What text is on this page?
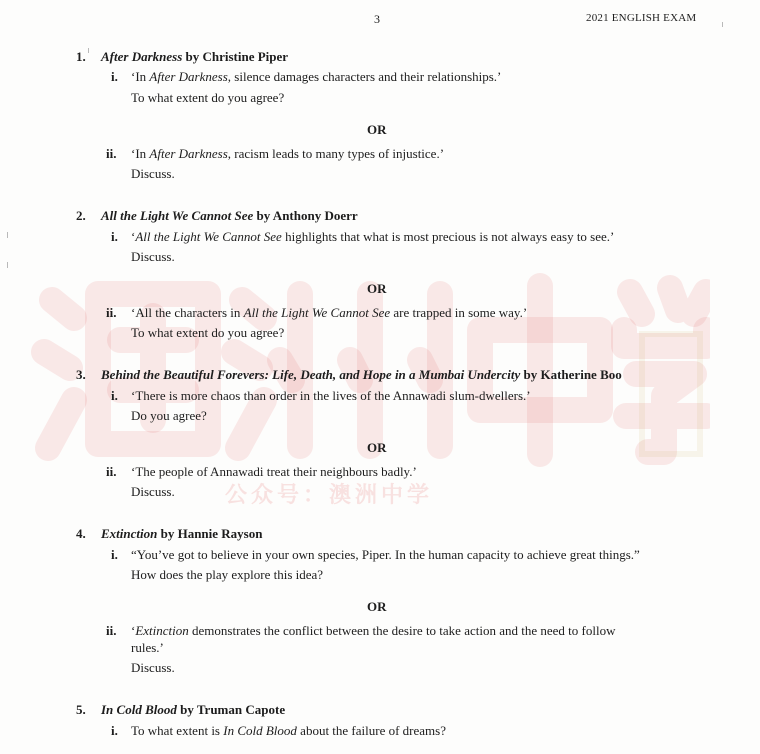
公众号：澳洲中学
3	2021 ENGLISH EXAM
1. After Darkness by Christine Piper
i. ‘In After Darkness, silence damages characters and their relationships.’
To what extent do you agree?
OR
ii. ‘In After Darkness, racism leads to many types of injustice.’
Discuss.
2. All the Light We Cannot See by Anthony Doerr
i. ‘All the Light We Cannot See highlights that what is most precious is not always easy to see.’
Discuss.
OR
ii. ‘All the characters in All the Light We Cannot See are trapped in some way.’
To what extent do you agree?
3. Behind the Beautiful Forevers: Life, Death, and Hope in a Mumbai Undercity by Katherine Boo
i. ‘There is more chaos than order in the lives of the Annawadi slum-dwellers.’
Do you agree?
OR
ii. ‘The people of Annawadi treat their neighbours badly.’
Discuss.
4. Extinction by Hannie Rayson
i. “You’ve got to believe in your own species, Piper. In the human capacity to achieve great things.”
How does the play explore this idea?
OR
ii. ‘Extinction demonstrates the conflict between the desire to take action and the need to follow
rules.’
Discuss.
5. In Cold Blood by Truman Capote
i. To what extent is In Cold Blood about the failure of dreams?
